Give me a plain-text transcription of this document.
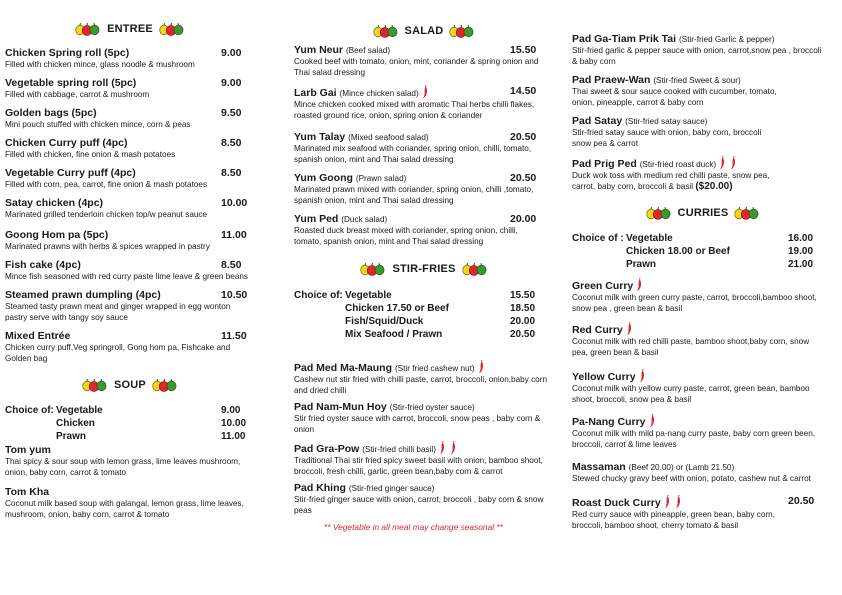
ENTREE
Chicken Spring roll (5pc)	9.00
Filled with chicken mince, glass noodle & mushroom
Vegetable spring roll (5pc)	9.00
Filled with cabbage, carrot & mushroom
Golden bags (5pc)	9.50
Mini pouch stuffed with chicken mince, corn & peas
Chicken Curry puff (4pc)	8.50
Filled with chicken, fine onion & mash potatoes
Vegetable Curry puff (4pc)	8.50
Filled with corn, pea, carrot, fine onion & mash potatoes
Satay chicken (4pc)	10.00
Marinated grilled tenderloin chicken top/w peanut sauce
Goong Hom pa (5pc)	11.00
Marinated prawns with herbs & spices wrapped in pastry
Fish cake (4pc)	8.50
Mince fish seasoned with red curry paste lime leave & green beans
Steamed prawn dumpling (4pc)	10.50
Steamed tasty prawn meat and ginger wrapped in egg wonton
pastry serve with tangy soy sauce
Mixed Entrée	11.50
Chicken curry puff,Veg springroll, Gong hom pa, Fishcake and
Golden bag
SOUP
Choice of: Vegetable	9.00
Chicken	10.00
Prawn	11.00
Tom yum
Thai spicy & sour soup with lemon grass, lime leaves mushroom,
onion, baby corn, carrot & tomato
Tom Kha
Coconut milk based soup with galangal, lemon grass, lime leaves,
mushroom, onion, baby corn, carrot & tomato
SALAD
Yum Neur (Beef salad)	15.50
Cooked beef with tomato, onion, mint, coriander & spring onion and
Thai salad dressing
Larb Gai (Mince chicken salad)	14.50
Mince chicken cooked mixed with aromatic Thai herbs chilli flakes,
roasted ground rice, onion, spring onion & coriander
Yum Talay (Mixed seafood salad)	20.50
Marinated mix seafood with coriander, spring onion, chilli, tomato,
spanish onion, mint and Thai salad dressing
Yum Goong (Prawn salad)	20.50
Marinated prawn mixed with coriander, spring onion, chilli ,tomato,
spanish onion, mint and Thai salad dressing
Yum Ped (Duck salad)	20.00
Roasted duck breast mixed with coriander, spring onion, chilli,
tomato, spanish onion, mint and Thai salad dressing
STIR-FRIES
Choice of: Vegetable	15.50
Chicken 17.50 or Beef	18.50
Fish/Squid/Duck	20.00
Mix Seafood / Prawn	20.50
Pad Med Ma-Maung (Stir fried cashew nut)
Cashew nut stir fried with chilli paste, carrot, broccoli, onion,baby corn
and dried chilli
Pad Nam-Mun Hoy (Stir-fried oyster sauce)
Stir fried oyster sauce with carrot, broccoli, snow peas , baby corn &
onion
Pad Gra-Pow (Stir-fried chilli basil)
Traditional Thai stir fried spicy sweet basil with onion, bamboo shoot,
broccoli, fresh chilli, garlic, green bean,baby corn & carrot
Pad Khing (Stir-fried ginger sauce)
Stir-fried ginger sauce with onion, carrot, broccoli , baby corn & snow
peas
** Vegetable in all meal may change seasonal **
Pad Ga-Tiam Prik Tai (Stir-fried Garlic & pepper)
Stir-fried garlic & pepper sauce with onion, carrot,snow pea , broccoli
& baby corn
Pad Praew-Wan (Stir-fried Sweet & sour)
Thai sweet & sour sauce cooked with cucumber, tomato,
onion, pineapple, carrot & baby corn
Pad Satay (Stir-fried satay sauce)
Stir-fried satay sauce with onion, baby corn, broccoli
snow pea & carrot
Pad Prig Ped (Stir-fried roast duck)
Duck wok toss with medium red chilli paste, snow pea,
carrot, baby corn, broccoli & basil ($20.00)
CURRIES
Choice of : Vegetable	16.00
Chicken 18.00 or Beef	19.00
Prawn	21.00
Green Curry
Coconut milk with green curry paste, carrot, broccoli,bamboo shoot,
snow pea , green bean & basil
Red Curry
Coconut milk with red chilli paste, bamboo shoot,baby corn, snow
pea, green bean & basil
Yellow Curry
Coconut milk with yellow curry paste, carrot, green bean, bamboo
shoot, broccoli, snow pea & basil
Pa-Nang Curry
Coconut milk with mild pa-nang curry paste, baby corn green been,
broccoli, carrot & lime leaves
Massaman (Beef 20.00) or (Lamb 21.50)
Stewed chucky gravy beef with onion, potato, cashew nut & carrot
Roast Duck Curry	20.50
Red curry sauce with pineapple, green bean, baby corn,
broccoli, bamboo shoot, cherry tomato & basil
